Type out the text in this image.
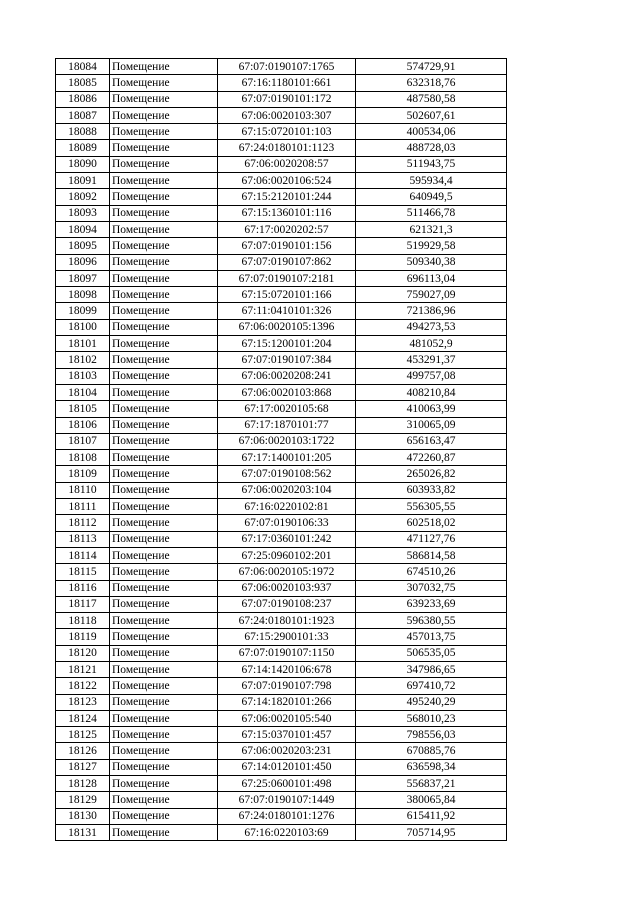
18084	Помещение	67:07:0190107:1765	574729,91
18085	Помещение	67:16:1180101:661	632318,76
18086	Помещение	67:07:0190101:172	487580,58
18087	Помещение	67:06:0020103:307	502607,61
18088	Помещение	67:15:0720101:103	400534,06
18089	Помещение	67:24:0180101:1123	488728,03
18090	Помещение	67:06:0020208:57	511943,75
18091	Помещение	67:06:0020106:524	595934,4
18092	Помещение	67:15:2120101:244	640949,5
18093	Помещение	67:15:1360101:116	511466,78
18094	Помещение	67:17:0020202:57	621321,3
18095	Помещение	67:07:0190101:156	519929,58
18096	Помещение	67:07:0190107:862	509340,38
18097	Помещение	67:07:0190107:2181	696113,04
18098	Помещение	67:15:0720101:166	759027,09
18099	Помещение	67:11:0410101:326	721386,96
18100	Помещение	67:06:0020105:1396	494273,53
18101	Помещение	67:15:1200101:204	481052,9
18102	Помещение	67:07:0190107:384	453291,37
18103	Помещение	67:06:0020208:241	499757,08
18104	Помещение	67:06:0020103:868	408210,84
18105	Помещение	67:17:0020105:68	410063,99
18106	Помещение	67:17:1870101:77	310065,09
18107	Помещение	67:06:0020103:1722	656163,47
18108	Помещение	67:17:1400101:205	472260,87
18109	Помещение	67:07:0190108:562	265026,82
18110	Помещение	67:06:0020203:104	603933,82
18111	Помещение	67:16:0220102:81	556305,55
18112	Помещение	67:07:0190106:33	602518,02
18113	Помещение	67:17:0360101:242	471127,76
18114	Помещение	67:25:0960102:201	586814,58
18115	Помещение	67:06:0020105:1972	674510,26
18116	Помещение	67:06:0020103:937	307032,75
18117	Помещение	67:07:0190108:237	639233,69
18118	Помещение	67:24:0180101:1923	596380,55
18119	Помещение	67:15:2900101:33	457013,75
18120	Помещение	67:07:0190107:1150	506535,05
18121	Помещение	67:14:1420106:678	347986,65
18122	Помещение	67:07:0190107:798	697410,72
18123	Помещение	67:14:1820101:266	495240,29
18124	Помещение	67:06:0020105:540	568010,23
18125	Помещение	67:15:0370101:457	798556,03
18126	Помещение	67:06:0020203:231	670885,76
18127	Помещение	67:14:0120101:450	636598,34
18128	Помещение	67:25:0600101:498	556837,21
18129	Помещение	67:07:0190107:1449	380065,84
18130	Помещение	67:24:0180101:1276	615411,92
18131	Помещение	67:16:0220103:69	705714,95
